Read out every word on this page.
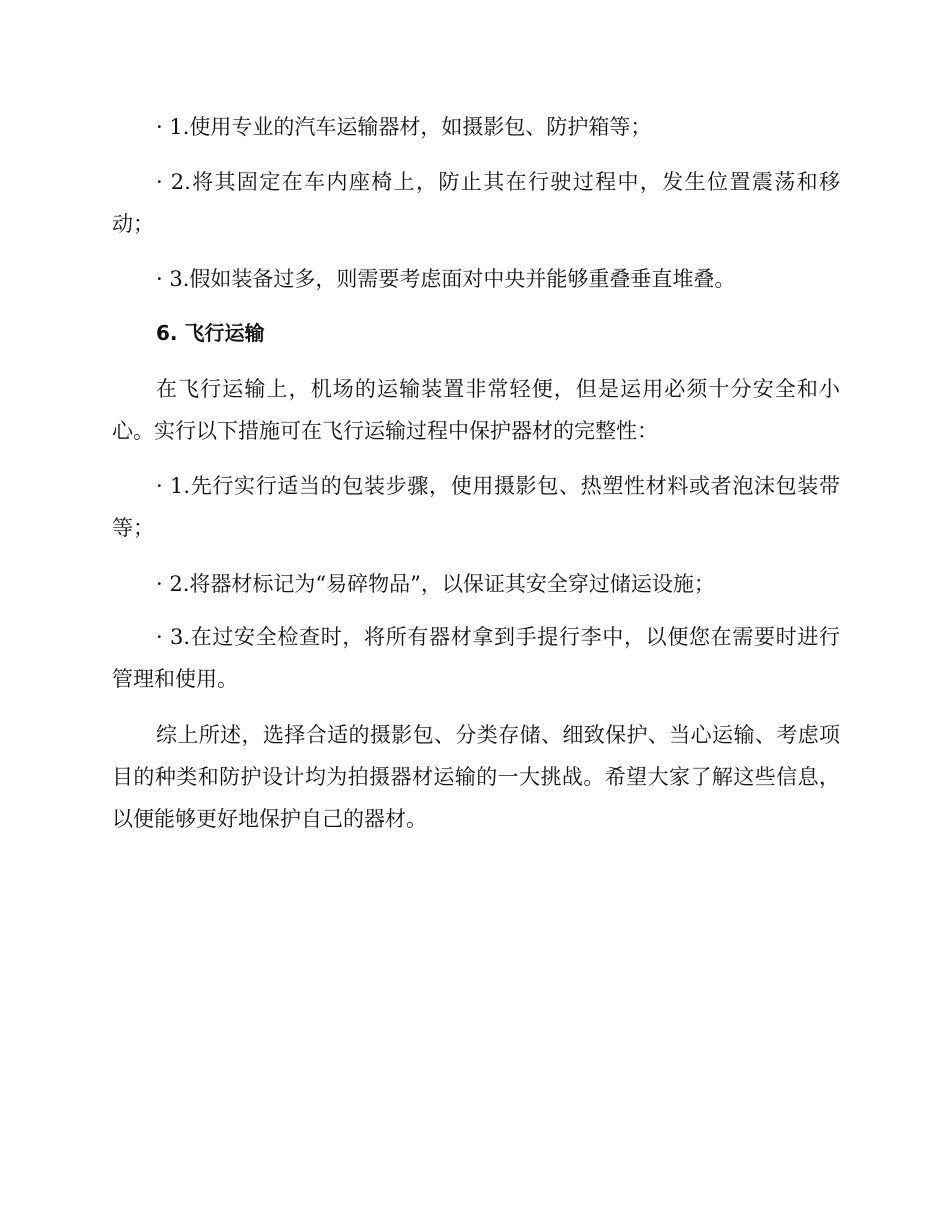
· 1.使用专业的汽车运输器材，如摄影包、防护箱等；

· 2.将其固定在车内座椅上，防止其在行驶过程中，发生位置震荡和移动；

· 3.假如装备过多，则需要考虑面对中央并能够重叠垂直堆叠。

6. 飞行运输

在飞行运输上，机场的运输装置非常轻便，但是运用必须十分安全和小心。实行以下措施可在飞行运输过程中保护器材的完整性：

· 1.先行实行适当的包装步骤，使用摄影包、热塑性材料或者泡沫包装带等；

· 2.将器材标记为“易碎物品”，以保证其安全穿过储运设施；

· 3.在过安全检查时，将所有器材拿到手提行李中，以便您在需要时进行管理和使用。

综上所述，选择合适的摄影包、分类存储、细致保护、当心运输、考虑项目的种类和防护设计均为拍摄器材运输的一大挑战。希望大家了解这些信息，以便能够更好地保护自己的器材。
